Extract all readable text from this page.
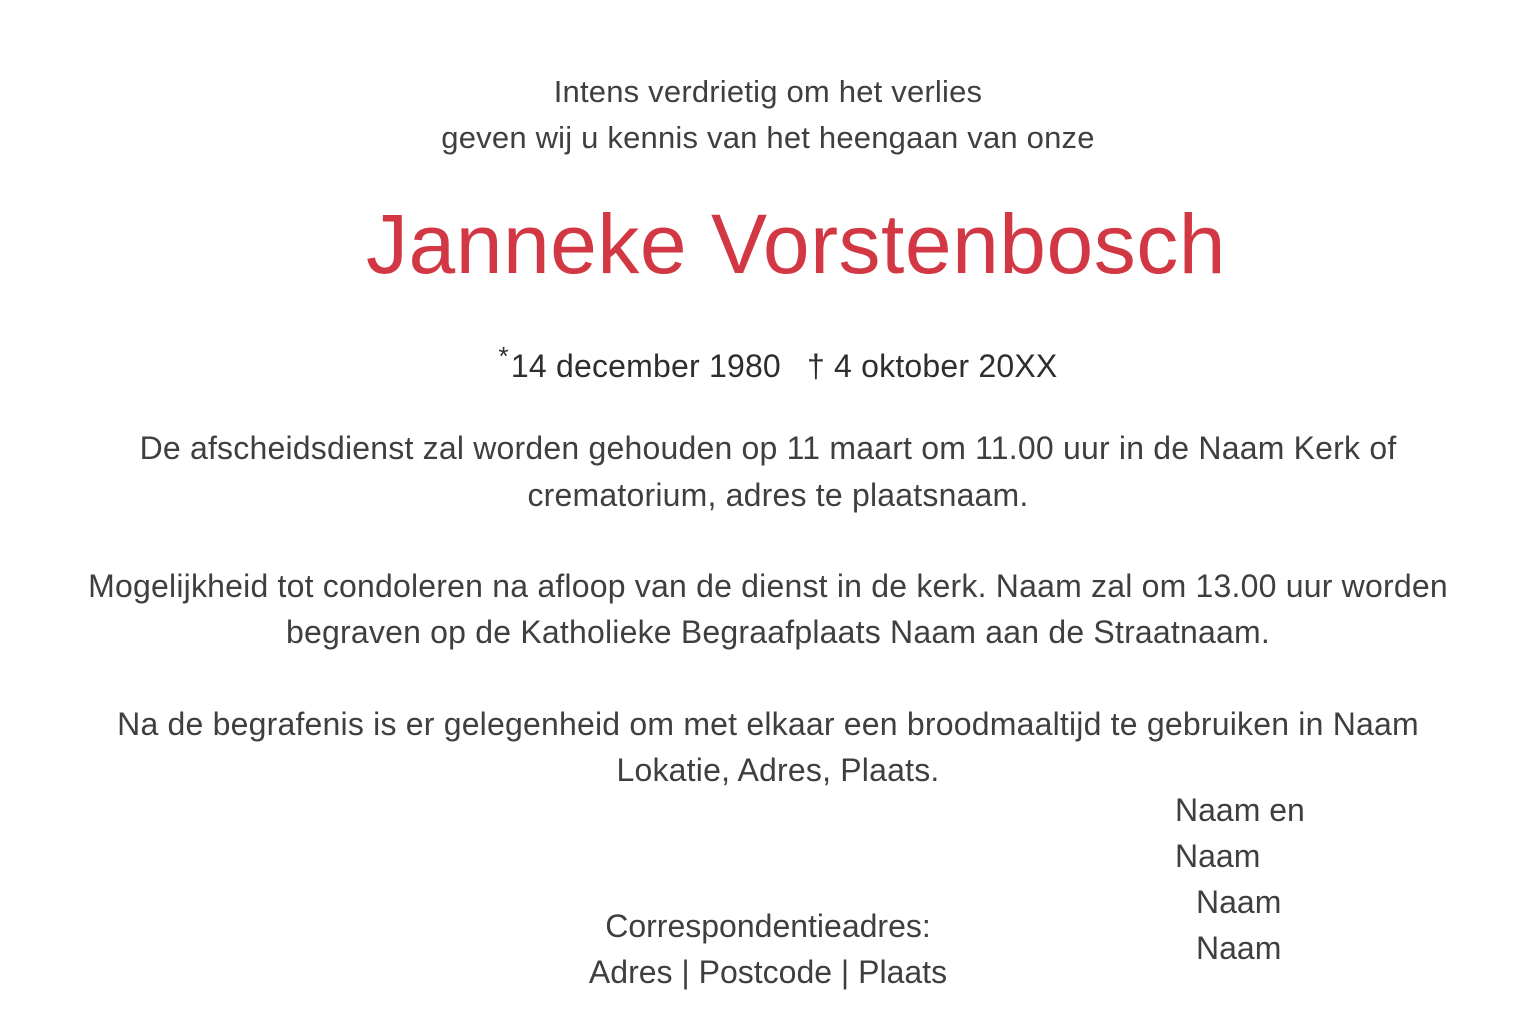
Intens verdrietig om het verlies
geven wij u kennis van het heengaan van onze
Janneke Vorstenbosch
*14 december 1980 † 4 oktober 20XX
De afscheidsdienst zal worden gehouden op 11 maart om 11.00 uur in de Naam Kerk of
crematorium, adres te plaatsnaam.
Mogelijkheid tot condoleren na afloop van de dienst in de kerk. Naam zal om 13.00 uur worden
begraven op de Katholieke Begraafplaats Naam aan de Straatnaam.
Na de begrafenis is er gelegenheid om met elkaar een broodmaaltijd te gebruiken in Naam
Lokatie, Adres, Plaats.
Naam en
Naam
Naam
Naam
Correspondentieadres:
Adres | Postcode | Plaats
